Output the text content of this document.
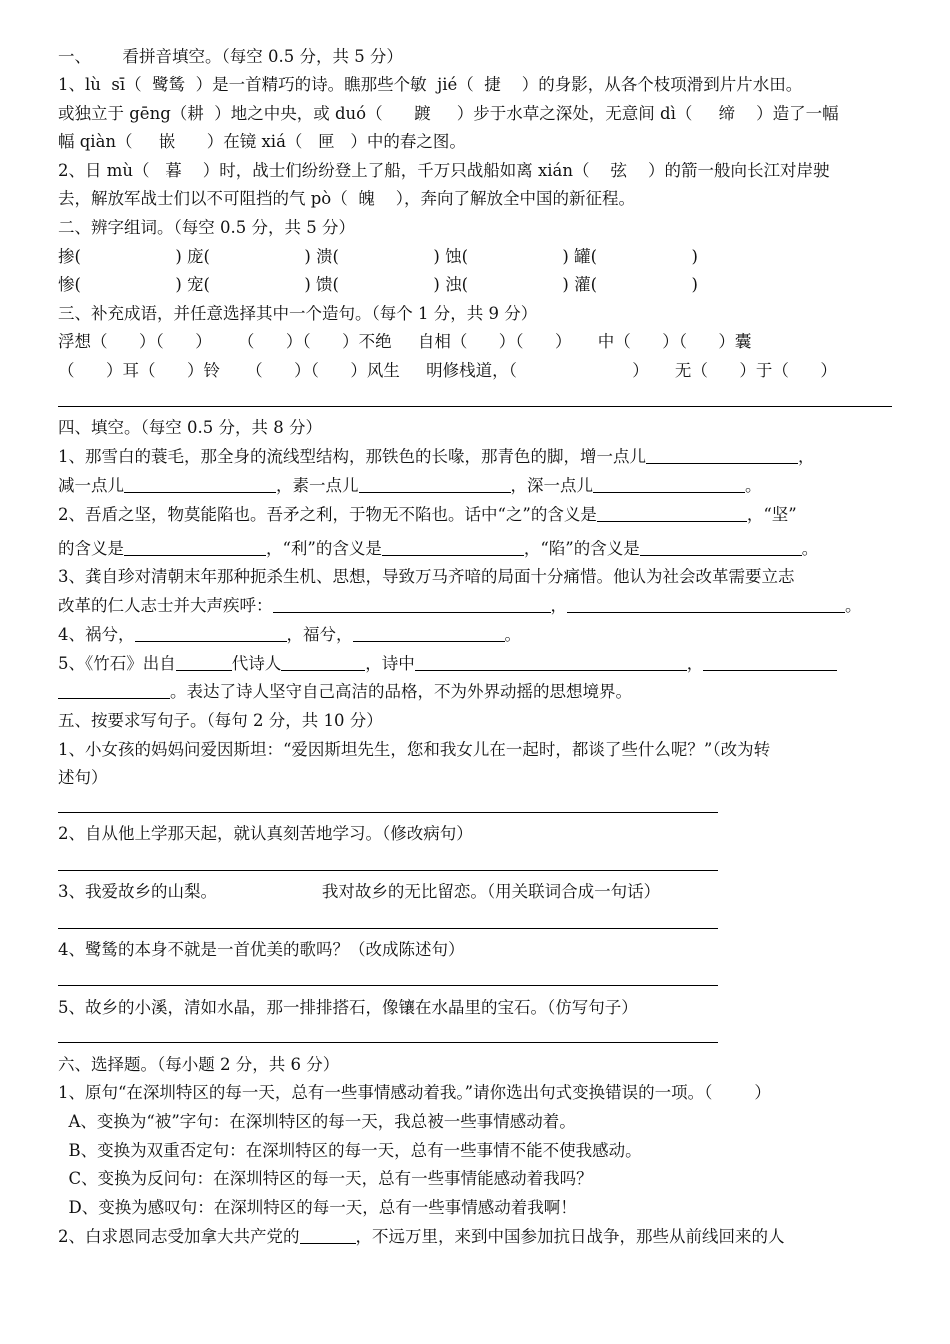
一、      看拼音填空。（每空 0.5 分，共 5 分）
1、lù  sī（  鹭鸶  ）是一首精巧的诗。瞧那些个敏  jié（  捷    ）的身影，从各个枝项滑到片片水田。
或独立于 gēng（耕  ）地之中央，或 duó（      踱     ）步于水草之深处，无意间 dì（     缔    ）造了一幅
幅 qiàn（     嵌      ）在镜 xiá（   匣   ）中的春之图。
2、日 mù（   暮    ）时，战士们纷纷登上了船，千万只战船如离 xián（    弦    ）的箭一般向长江对岸驶
去，解放军战士们以不可阻挡的气 pò（  魄    ），奔向了解放全中国的新征程。
二、辨字组词。（每空 0.5 分，共 5 分）
掺(                  ) 庞(                  ) 溃(                  ) 蚀(                  ) 罐(                  )
惨(                  ) 宠(                  ) 馈(                  ) 浊(                  ) 灌(                  )
三、补充成语，并任意选择其中一个造句。（每个 1 分，共 9 分）
浮想（      ）（      ）     （      ）（      ）不绝     自相（      ）（      ）     中（      ）（      ）囊
（      ）耳（      ）铃     （      ）（      ）风生     明修栈道，（                      ）     无（      ）于（      ）
四、填空。（每空 0.5 分，共 8 分）
1、那雪白的蓑毛，那全身的流线型结构，那铁色的长喙，那青色的脚，增一点儿	，
减一点儿	，素一点儿	，深一点儿	。
2、吾盾之坚，物莫能陷也。吾矛之利，于物无不陷也。话中“之”的含义是	，“坚”
的含义是	，“利”的含义是	，“陷”的含义是	。
3、龚自珍对清朝末年那种扼杀生机、思想，导致万马齐喑的局面十分痛惜。他认为社会改革需要立志
改革的仁人志士并大声疾呼：	，	。
4、祸兮，	，福兮，	。
5、《竹石》出自	代诗人	，诗中	，
。表达了诗人坚守自己高洁的品格，不为外界动摇的思想境界。
五、按要求写句子。（每句 2 分，共 10 分）
1、小女孩的妈妈问爱因斯坦：“爱因斯坦先生，您和我女儿在一起时，都谈了些什么呢？”（改为转
述句）
2、自从他上学那天起，就认真刻苦地学习。（修改病句）
3、我爱故乡的山梨。                    我对故乡的无比留恋。（用关联词合成一句话）
4、鹭鸶的本身不就是一首优美的歌吗？（改成陈述句）
5、故乡的小溪，清如水晶，那一排排搭石，像镶在水晶里的宝石。（仿写句子）
六、选择题。（每小题 2 分，共 6 分）
1、原句“在深圳特区的每一天，总有一些事情感动着我。”请你选出句式变换错误的一项。（        ）
A、变换为“被”字句：在深圳特区的每一天，我总被一些事情感动着。
B、变换为双重否定句：在深圳特区的每一天，总有一些事情不能不使我感动。
C、变换为反问句：在深圳特区的每一天，总有一些事情能感动着我吗？
D、变换为感叹句：在深圳特区的每一天，总有一些事情感动着我啊！
2、白求恩同志受加拿大共产党的	，不远万里，来到中国参加抗日战争，那些从前线回来的人
